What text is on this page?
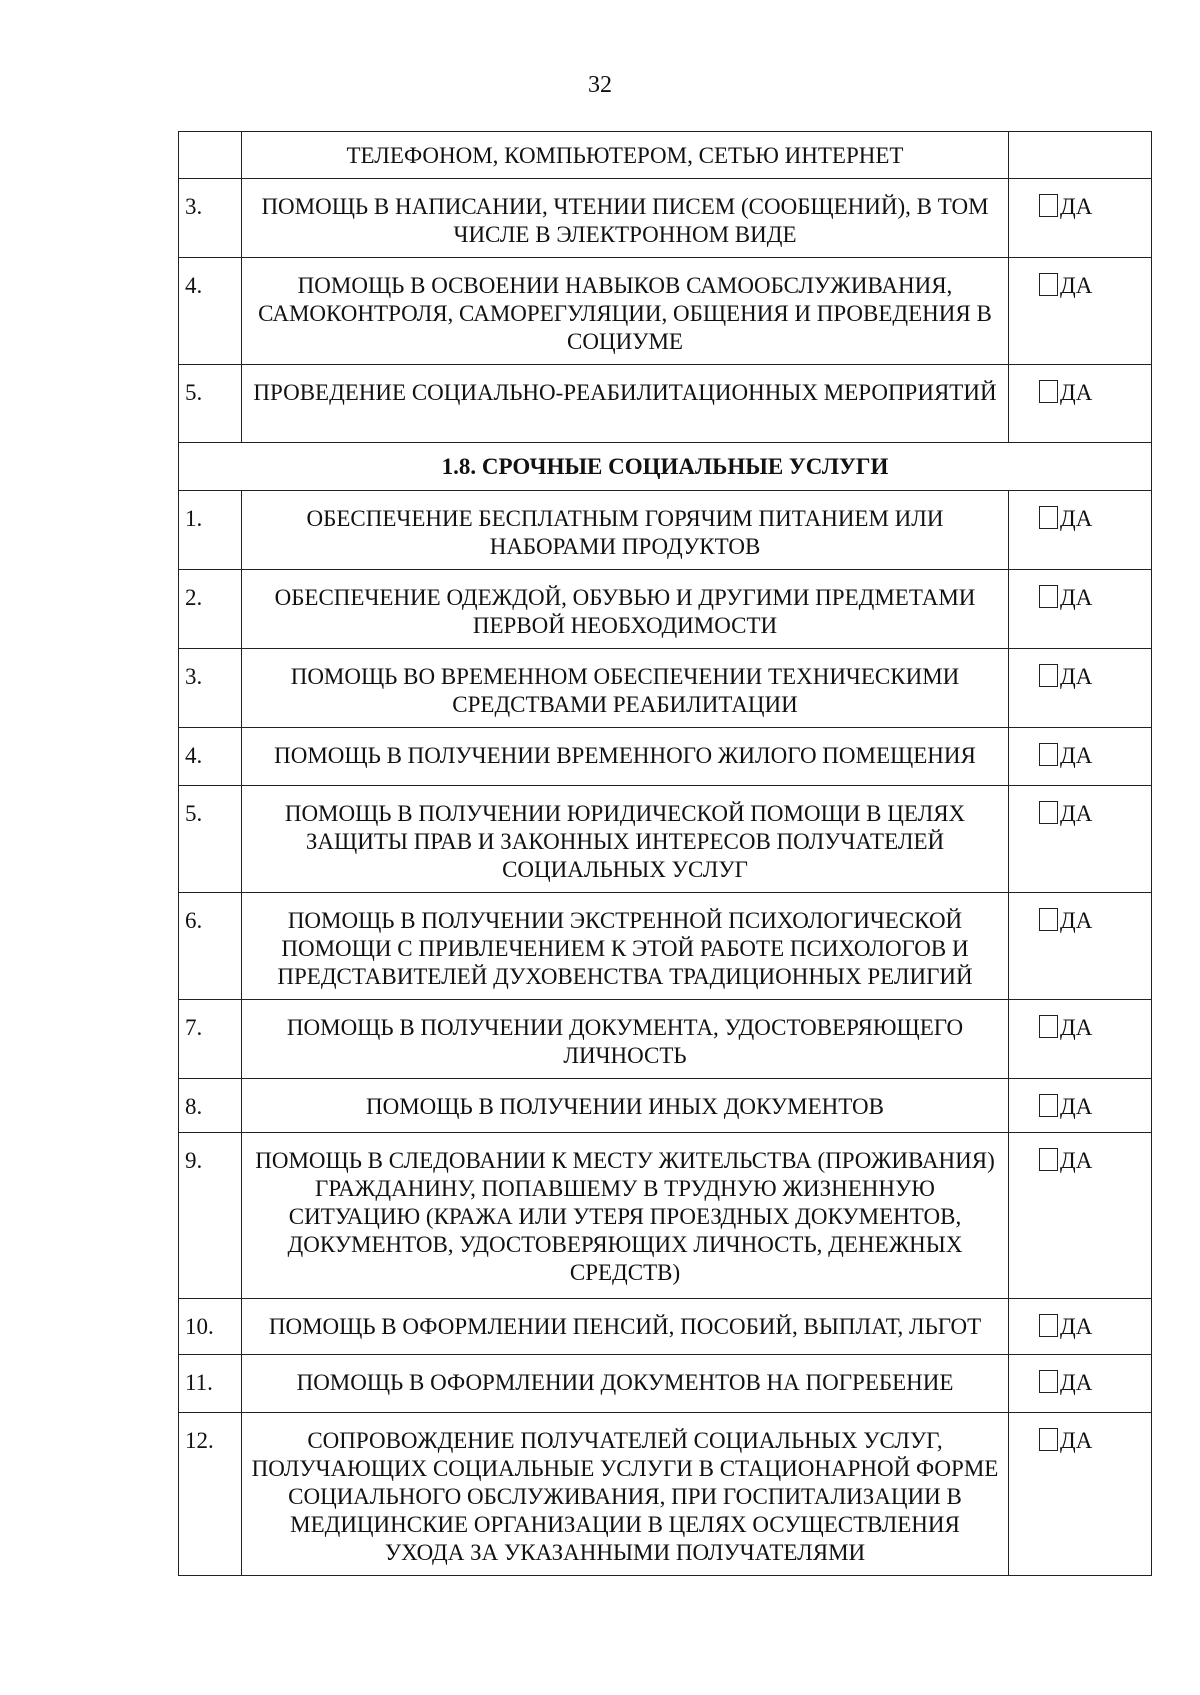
32
	ТЕЛЕФОНОМ, КОМПЬЮТЕРОМ, СЕТЬЮ ИНТЕРНЕТ	
3.	ПОМОЩЬ В НАПИСАНИИ, ЧТЕНИИ ПИСЕМ (СООБЩЕНИЙ), В ТОМ ЧИСЛЕ В ЭЛЕКТРОННОМ ВИДЕ	ДА
4.	ПОМОЩЬ В ОСВОЕНИИ НАВЫКОВ САМООБСЛУЖИВАНИЯ, САМОКОНТРОЛЯ, САМОРЕГУЛЯЦИИ, ОБЩЕНИЯ И ПРОВЕДЕНИЯ В СОЦИУМЕ	ДА
5.	ПРОВЕДЕНИЕ СОЦИАЛЬНО-РЕАБИЛИТАЦИОННЫХ МЕРОПРИЯТИЙ	ДА
1.8. СРОЧНЫЕ СОЦИАЛЬНЫЕ УСЛУГИ		
1.	ОБЕСПЕЧЕНИЕ БЕСПЛАТНЫМ ГОРЯЧИМ ПИТАНИЕМ ИЛИ НАБОРАМИ ПРОДУКТОВ	ДА
2.	ОБЕСПЕЧЕНИЕ ОДЕЖДОЙ, ОБУВЬЮ И ДРУГИМИ ПРЕДМЕТАМИ ПЕРВОЙ НЕОБХОДИМОСТИ	ДА
3.	ПОМОЩЬ ВО ВРЕМЕННОМ ОБЕСПЕЧЕНИИ ТЕХНИЧЕСКИМИ СРЕДСТВАМИ РЕАБИЛИТАЦИИ	ДА
4.	ПОМОЩЬ В ПОЛУЧЕНИИ ВРЕМЕННОГО ЖИЛОГО ПОМЕЩЕНИЯ	ДА
5.	ПОМОЩЬ В ПОЛУЧЕНИИ ЮРИДИЧЕСКОЙ ПОМОЩИ В ЦЕЛЯХ ЗАЩИТЫ ПРАВ И ЗАКОННЫХ ИНТЕРЕСОВ ПОЛУЧАТЕЛЕЙ СОЦИАЛЬНЫХ УСЛУГ	ДА
6.	ПОМОЩЬ В ПОЛУЧЕНИИ ЭКСТРЕННОЙ ПСИХОЛОГИЧЕСКОЙ ПОМОЩИ С ПРИВЛЕЧЕНИЕМ К ЭТОЙ РАБОТЕ ПСИХОЛОГОВ И ПРЕДСТАВИТЕЛЕЙ ДУХОВЕНСТВА ТРАДИЦИОННЫХ РЕЛИГИЙ	ДА
7.	ПОМОЩЬ В ПОЛУЧЕНИИ ДОКУМЕНТА, УДОСТОВЕРЯЮЩЕГО ЛИЧНОСТЬ	ДА
8.	ПОМОЩЬ В ПОЛУЧЕНИИ ИНЫХ ДОКУМЕНТОВ	ДА
9.	ПОМОЩЬ В СЛЕДОВАНИИ К МЕСТУ ЖИТЕЛЬСТВА (ПРОЖИВАНИЯ) ГРАЖДАНИНУ, ПОПАВШЕМУ В ТРУДНУЮ ЖИЗНЕННУЮ СИТУАЦИЮ (КРАЖА ИЛИ УТЕРЯ ПРОЕЗДНЫХ ДОКУМЕНТОВ, ДОКУМЕНТОВ, УДОСТОВЕРЯЮЩИХ ЛИЧНОСТЬ, ДЕНЕЖНЫХ СРЕДСТВ)	ДА
10.	ПОМОЩЬ В ОФОРМЛЕНИИ ПЕНСИЙ, ПОСОБИЙ, ВЫПЛАТ, ЛЬГОТ	ДА
11.	ПОМОЩЬ В ОФОРМЛЕНИИ ДОКУМЕНТОВ НА ПОГРЕБЕНИЕ	ДА
12.	СОПРОВОЖДЕНИЕ ПОЛУЧАТЕЛЕЙ СОЦИАЛЬНЫХ УСЛУГ, ПОЛУЧАЮЩИХ СОЦИАЛЬНЫЕ УСЛУГИ В СТАЦИОНАРНОЙ ФОРМЕ СОЦИАЛЬНОГО ОБСЛУЖИВАНИЯ, ПРИ ГОСПИТАЛИЗАЦИИ В МЕДИЦИНСКИЕ ОРГАНИЗАЦИИ В ЦЕЛЯХ ОСУЩЕСТВЛЕНИЯ УХОДА ЗА УКАЗАННЫМИ ПОЛУЧАТЕЛЯМИ	ДА
